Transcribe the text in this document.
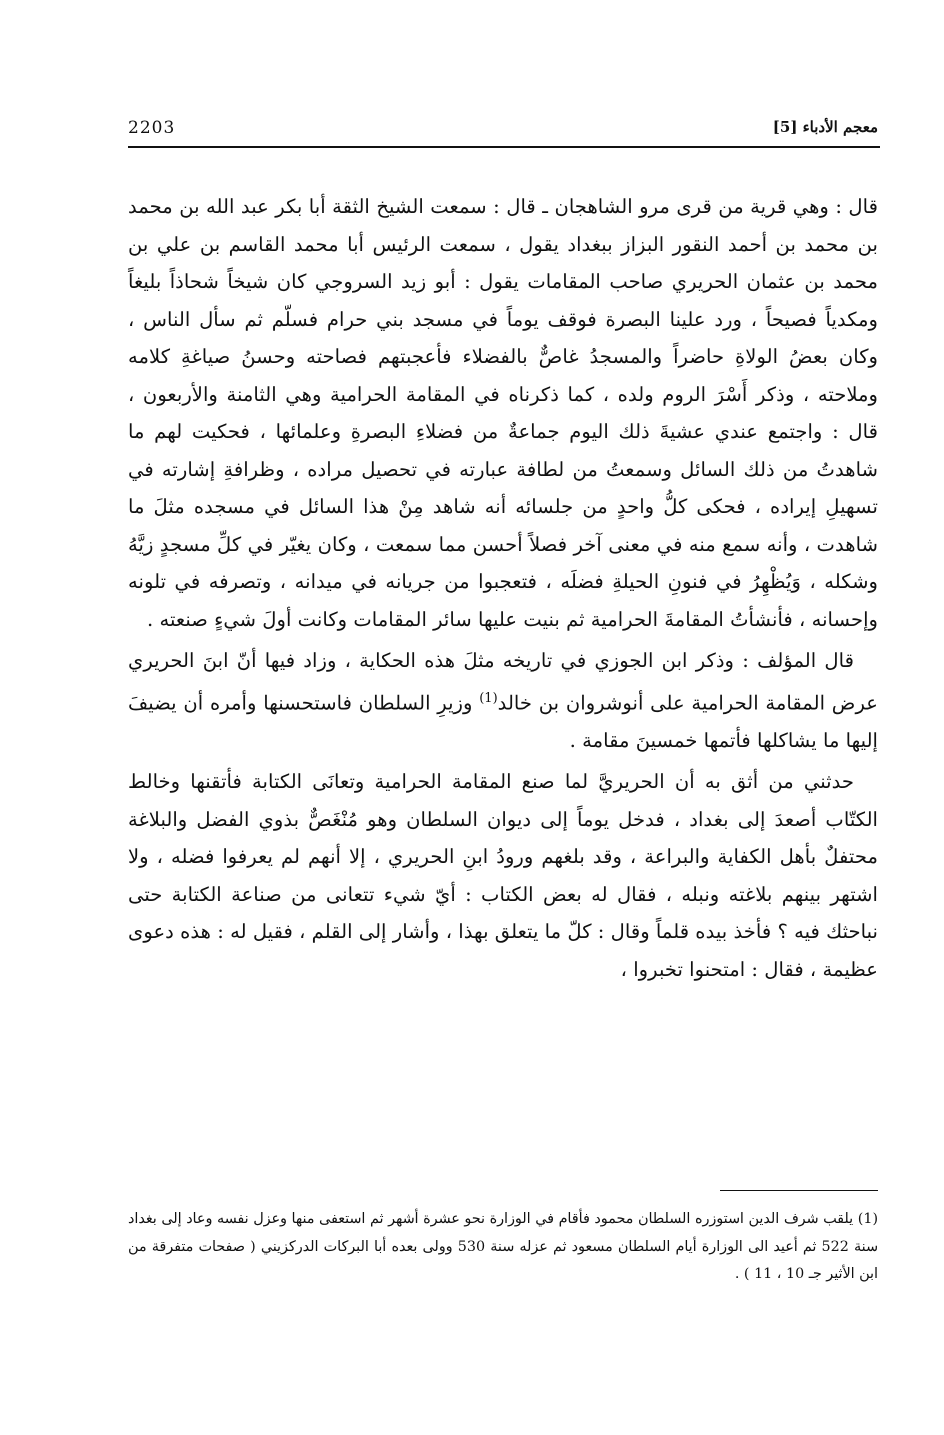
2203	معجم الأدباء [5]

قال : وهي قرية من قرى مرو الشاهجان ـ قال : سمعت الشيخ الثقة أبا بكر عبد الله بن محمد بن محمد بن أحمد النقور البزاز ببغداد يقول ، سمعت الرئيس أبا محمد القاسم بن علي بن محمد بن عثمان الحريري صاحب المقامات يقول : أبو زيد السروجي كان شيخاً شحاذاً بليغاً ومكدياً فصيحاً ، ورد علينا البصرة فوقف يوماً في مسجد بني حرام فسلّم ثم سأل الناس ، وكان بعضُ الولاةِ حاضراً والمسجدُ غاصٌّ بالفضلاء فأعجبتهم فصاحته وحسنُ صياغةِ كلامه وملاحته ، وذكر أَسْرَ الروم ولده ، كما ذكرناه في المقامة الحرامية وهي الثامنة والأربعون ، قال : واجتمع عندي عشيةَ ذلك اليوم جماعةٌ من فضلاءِ البصرةِ وعلمائها ، فحكيت لهم ما شاهدتُ من ذلك السائل وسمعتُ من لطافة عبارته في تحصيل مراده ، وظرافةِ إشارته في تسهيلِ إيراده ، فحكى كلُّ واحدٍ من جلسائه أنه شاهد مِنْ هذا السائل في مسجده مثلَ ما شاهدت ، وأنه سمع منه في معنى آخر فصلاً أحسن مما سمعت ، وكان يغيّر في كلِّ مسجدٍ زيَّهُ وشكله ، وَيُظْهِرُ في فنونِ الحيلةِ فضلَه ، فتعجبوا من جريانه في ميدانه ، وتصرفه في تلونه وإحسانه ، فأنشأتُ المقامةَ الحرامية ثم بنيت عليها سائر المقامات وكانت أولَ شيءٍ صنعته .

قال المؤلف : وذكر ابن الجوزي في تاريخه مثلَ هذه الحكاية ، وزاد فيها أنّ ابنَ الحريري عرض المقامة الحرامية على أنوشروان بن خالد$^{(1)}$ وزيرِ السلطان فاستحسنها وأمره أن يضيفَ إليها ما يشاكلها فأتمها خمسينَ مقامة .

حدثني من أثق به أن الحريريَّ لما صنع المقامة الحرامية وتعانَى الكتابة فأتقنها وخالط الكتّاب أصعدَ إلى بغداد ، فدخل يوماً إلى ديوان السلطان وهو مُنْغَصٌّ بذوي الفضل والبلاغة محتفلٌ بأهل الكفاية والبراعة ، وقد بلغهم ورودُ ابنِ الحريري ، إلا أنهم لم يعرفوا فضله ، ولا اشتهر بينهم بلاغته ونبله ، فقال له بعض الكتاب : أيّ شيء تتعانى من صناعة الكتابة حتى نباحثك فيه ؟ فأخذ بيده قلماً وقال : كلّ ما يتعلق بهذا ، وأشار إلى القلم ، فقيل له : هذه دعوى عظيمة ، فقال : امتحنوا تخبروا ،

(1) يلقب شرف الدين استوزره السلطان محمود فأقام في الوزارة نحو عشرة أشهر ثم استعفى منها وعزل نفسه وعاد إلى بغداد سنة 522 ثم أعيد الى الوزارة أيام السلطان مسعود ثم عزله سنة 530 وولى بعده أبا البركات الدركزيني ( صفحات متفرقة من ابن الأثير جـ 10 ، 11 ) .
